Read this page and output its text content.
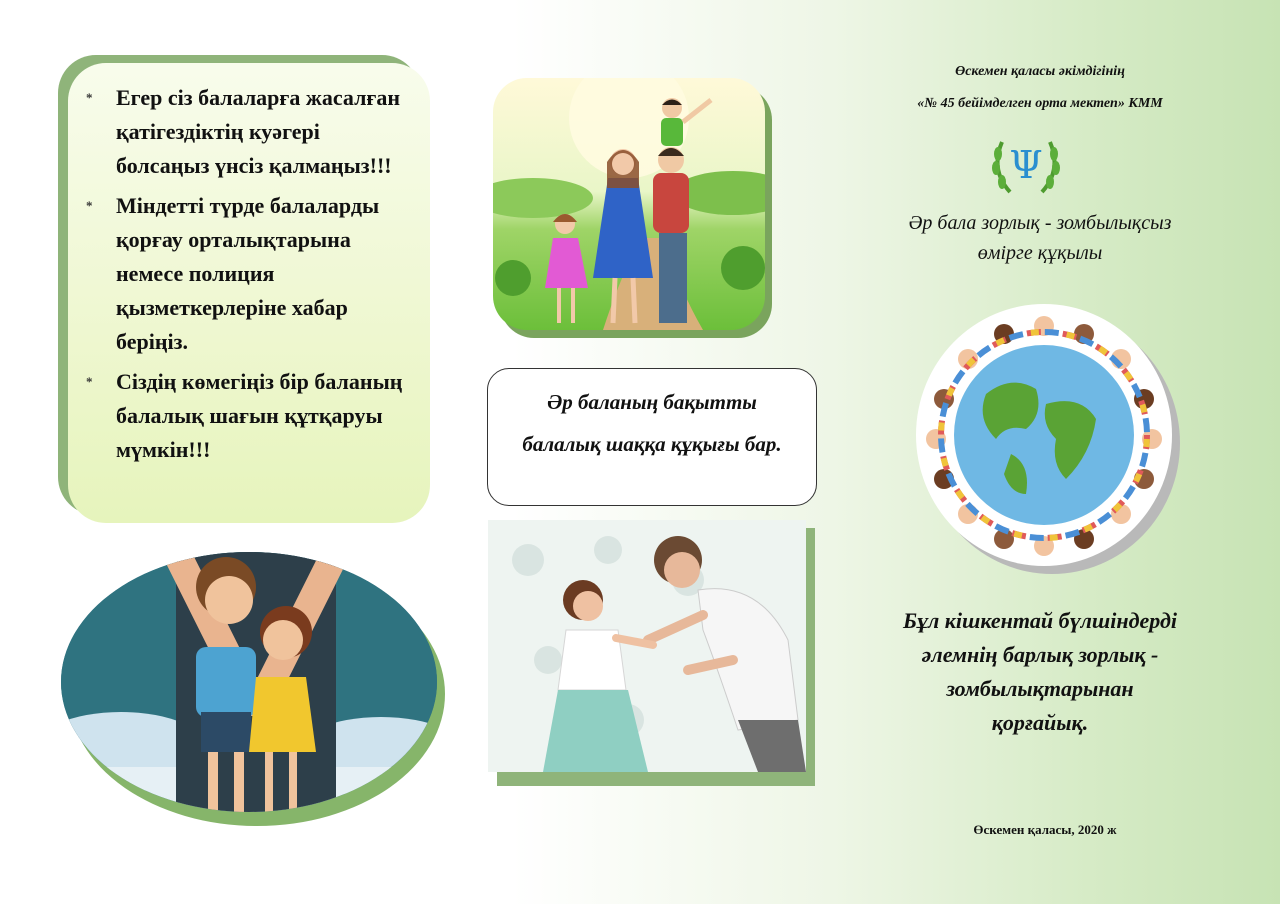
* Егер сіз балаларға жасалған қатігездіктің куәгері болсаңыз үнсіз қалмаңыз!!!
* Міндетті түрде балаларды қорғау орталықтарына немесе полиция қызметкерлеріне хабар беріңіз.
* Сіздің көмегіңіз бір баланың балалық шағын құтқаруы мүмкін!!!
Әр баланың бақытты
балалық шаққа құқығы бар.
Өскемен қаласы әкімдігінің
«№ 45 бейімделген орта мектеп» КММ
Ψ
Әр бала зорлық - зомбылықсыз
өмірге құқылы
Бұл кішкентай бүлшіндерді
әлемнің барлық зорлық -
зомбылықтарынан
қорғайық.
Өскемен қаласы, 2020 ж
